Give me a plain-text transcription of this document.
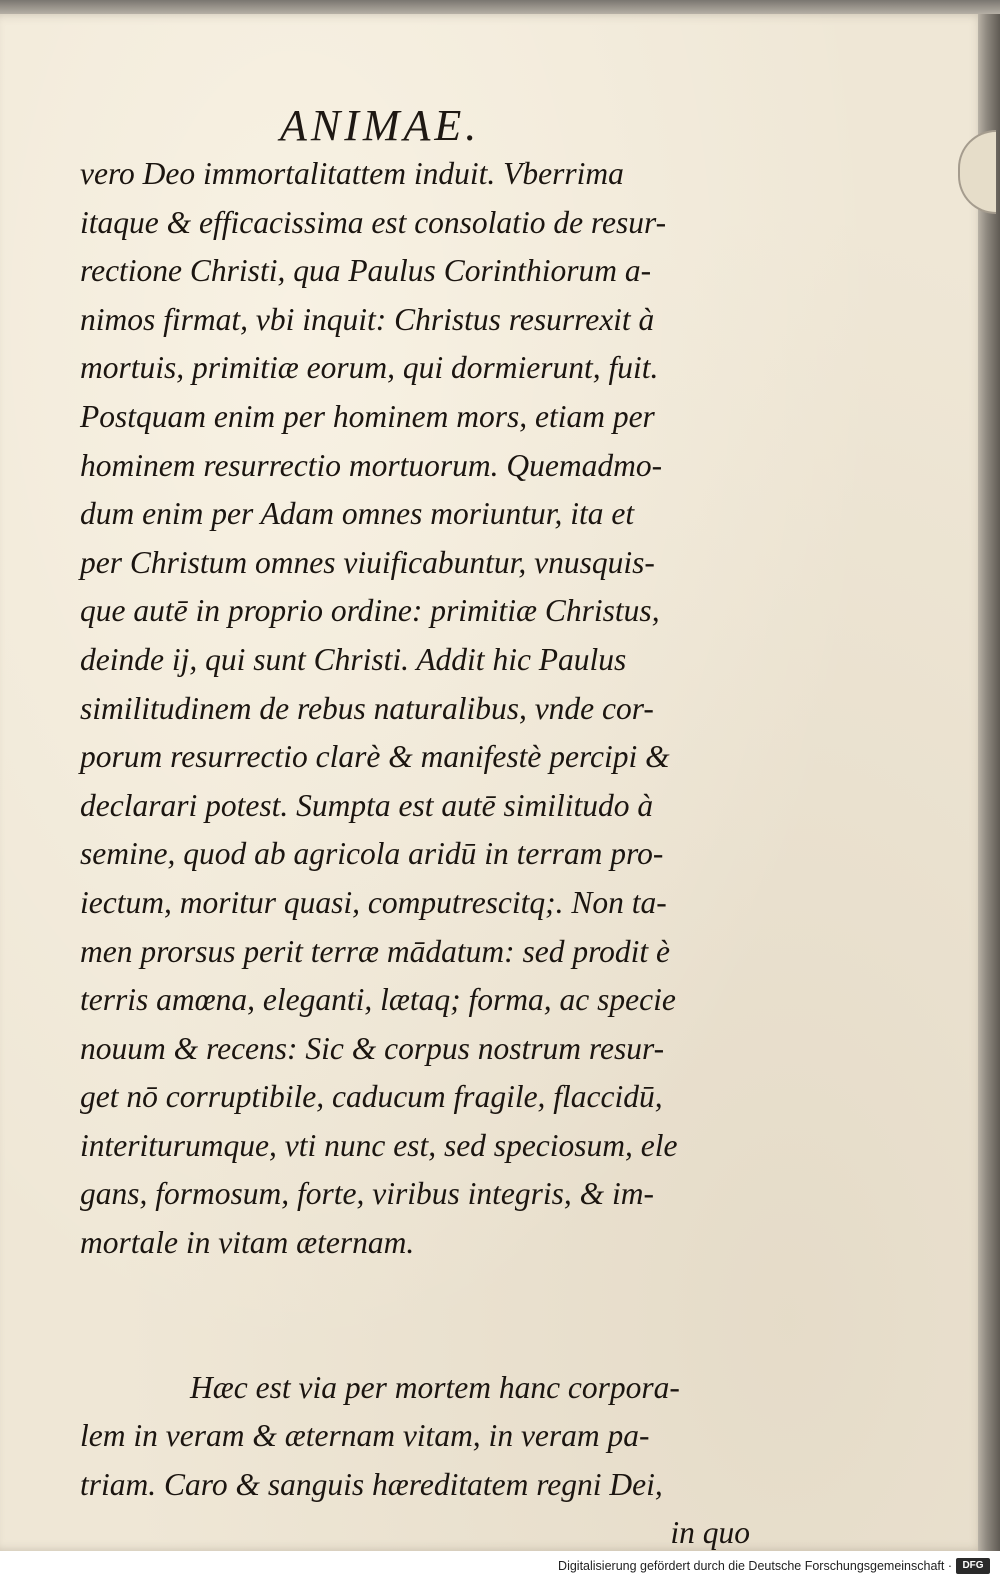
ANIMAE.
vero Deo immortalitattem induit. Vberrima
itaque & efficacissima est consolatio de resur-
rectione Christi, qua Paulus Corinthiorum a-
nimos firmat, vbi inquit: Christus resurrexit à
mortuis, primitiæ eorum, qui dormierunt, fuit.
Postquam enim per hominem mors, etiam per
hominem resurrectio mortuorum. Quemadmo-
dum enim per Adam omnes moriuntur, ita et
per Christum omnes viuificabuntur, vnusquis-
que autē in proprio ordine: primitiæ Christus,
deinde ij, qui sunt Christi. Addit hic Paulus
similitudinem de rebus naturalibus, vnde cor-
porum resurrectio clarè & manifestè percipi &
declarari potest. Sumpta est autē similitudo à
semine, quod ab agricola aridū in terram pro-
iectum, moritur quasi, computrescitq;. Non ta-
men prorsus perit terræ mādatum: sed prodit è
terris amœna, eleganti, lætaq; forma, ac specie
nouum & recens: Sic & corpus nostrum resur-
get nō corruptibile, caducum fragile, flaccidū,
interiturumque, vti nunc est, sed speciosum, ele
gans, formosum, forte, viribus integris, & im-
mortale in vitam æternam.
Hæc est via per mortem hanc corpora-
lem in veram & æternam vitam, in veram pa-
triam. Caro & sanguis hæreditatem regni Dei,
in quo
Digitalisierung gefördert durch die Deutsche Forschungsgemeinschaft ·	DFG
